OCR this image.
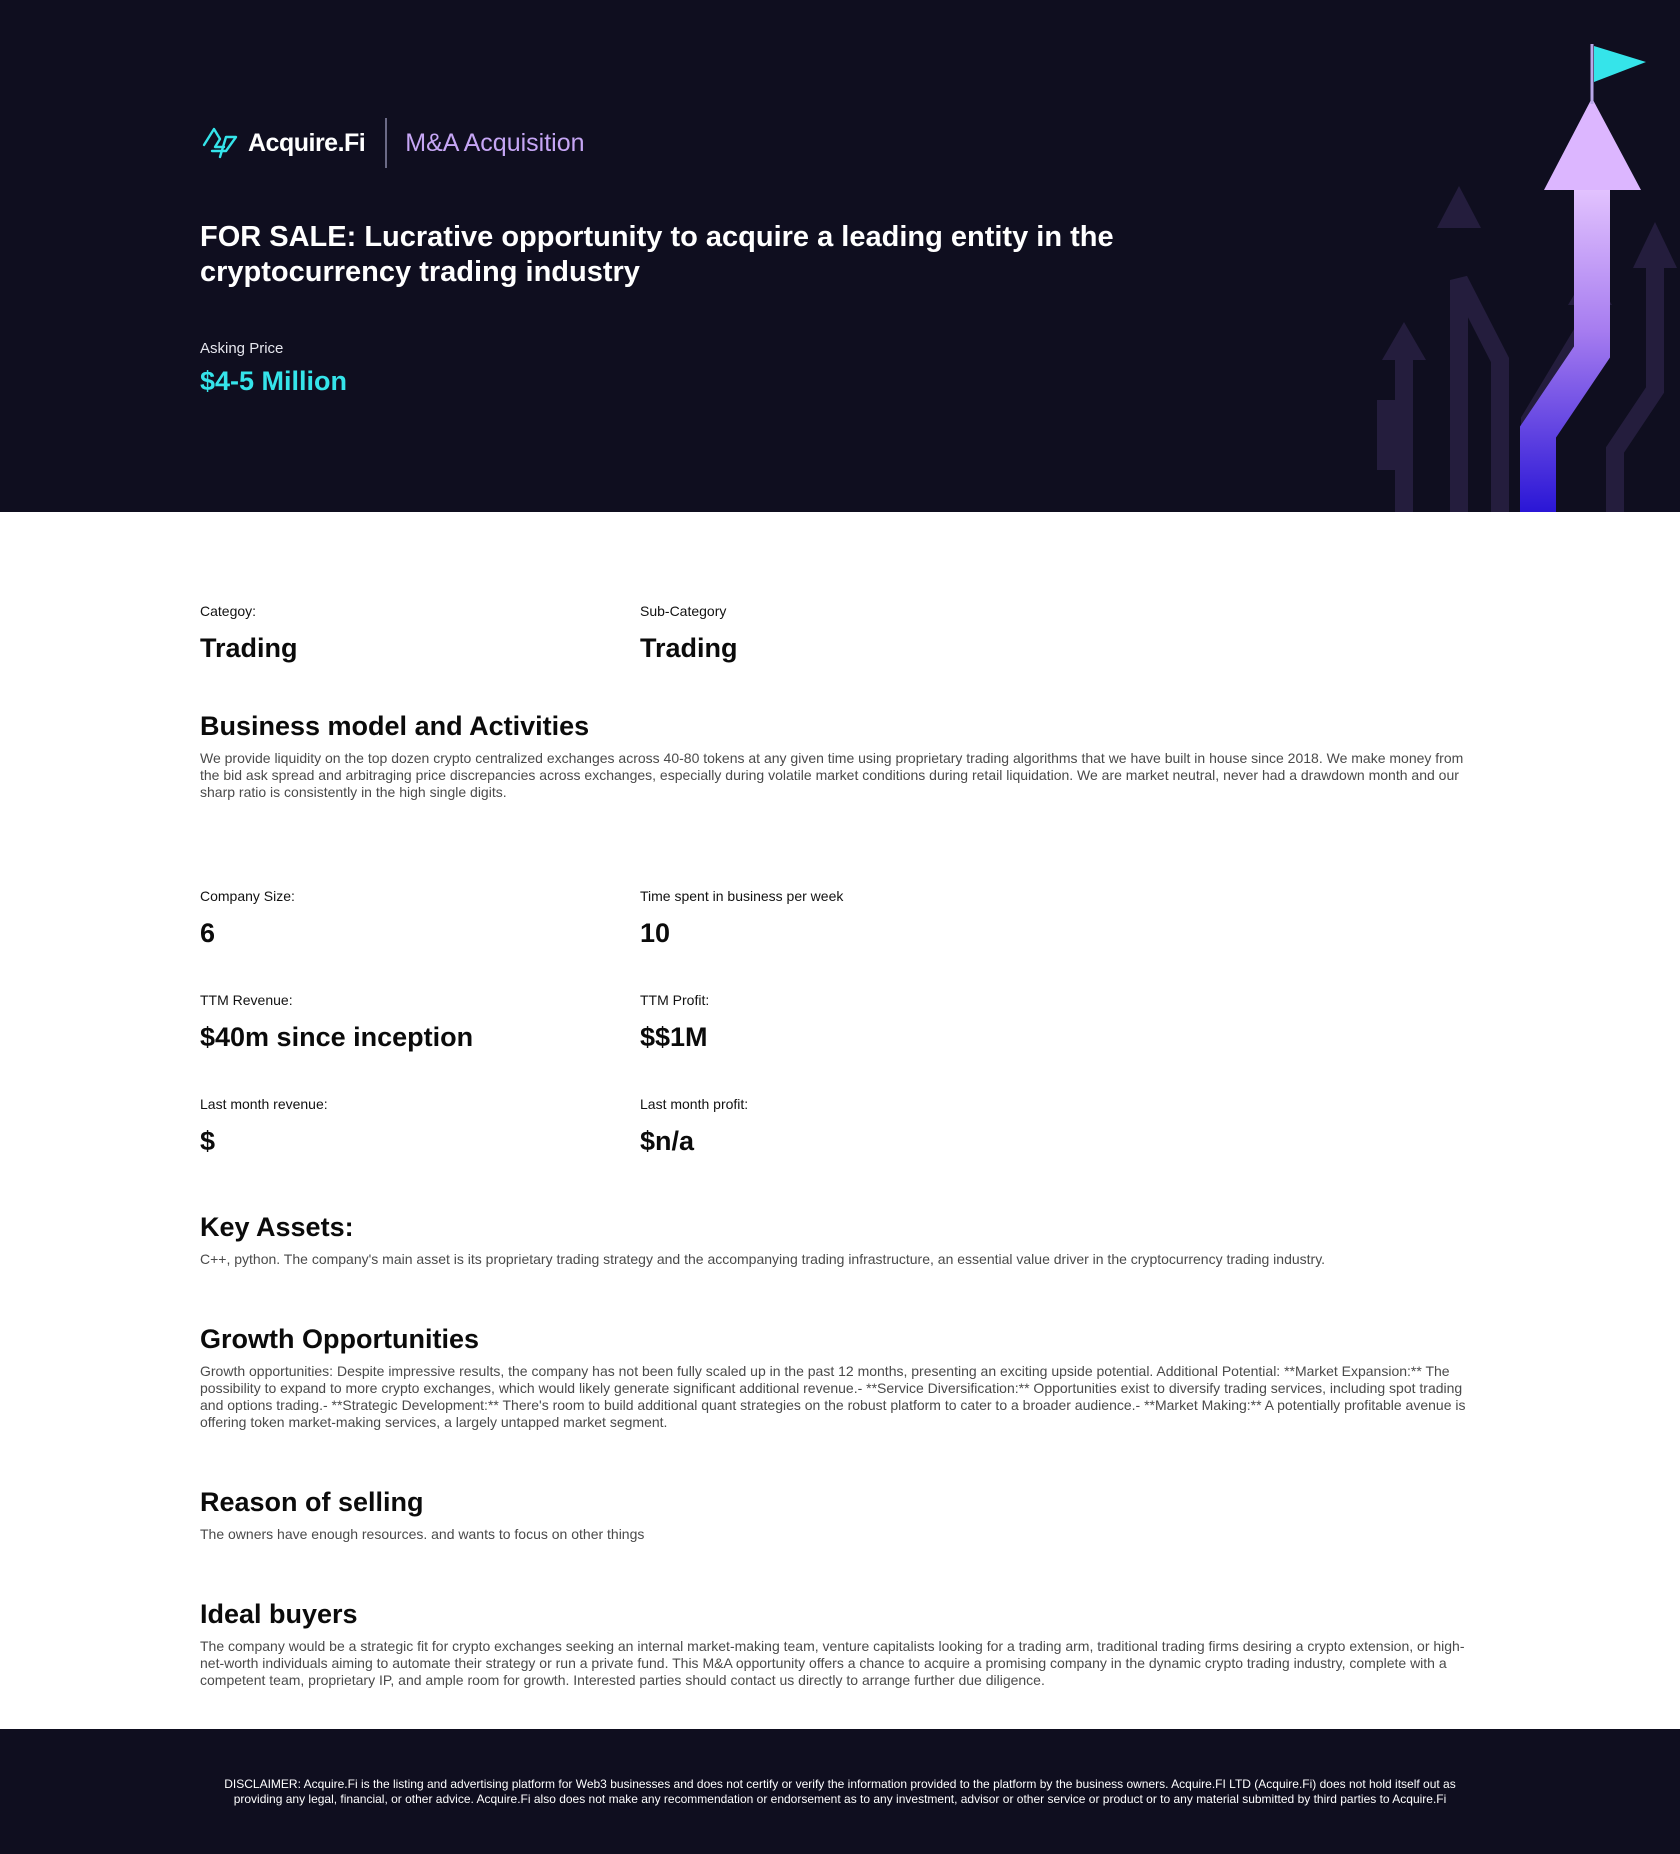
Acquire.Fi M&A Acquisition
FOR SALE: Lucrative opportunity to acquire a leading entity in the cryptocurrency trading industry
Asking Price
$4-5 Million
Categoy:
Trading
Sub-Category
Trading
Business model and Activities

We provide liquidity on the top dozen crypto centralized exchanges across 40-80 tokens at any given time using proprietary trading algorithms that we have built in house since 2018. We make money from the bid ask spread and arbitraging price discrepancies across exchanges, especially during volatile market conditions during retail liquidation. We are market neutral, never had a drawdown month and our sharp ratio is consistently in the high single digits.

Company Size:
6
Time spent in business per week
10
TTM Revenue:
$40m since inception
TTM Profit:
$$1M
Last month revenue:
$
Last month profit:
$n/a
Key Assets:

C++, python. The company's main asset is its proprietary trading strategy and the accompanying trading infrastructure, an essential value driver in the cryptocurrency trading industry.

Growth Opportunities

Growth opportunities: Despite impressive results, the company has not been fully scaled up in the past 12 months, presenting an exciting upside potential. Additional Potential: **Market Expansion:** The possibility to expand to more crypto exchanges, which would likely generate significant additional revenue.- **Service Diversification:** Opportunities exist to diversify trading services, including spot trading and options trading.- **Strategic Development:** There's room to build additional quant strategies on the robust platform to cater to a broader audience.- **Market Making:** A potentially profitable avenue is offering token market-making services, a largely untapped market segment.

Reason of selling

The owners have enough resources. and wants to focus on other things

Ideal buyers

The company would be a strategic fit for crypto exchanges seeking an internal market-making team, venture capitalists looking for a trading arm, traditional trading firms desiring a crypto extension, or high-net-worth individuals aiming to automate their strategy or run a private fund. This M&A opportunity offers a chance to acquire a promising company in the dynamic crypto trading industry, complete with a competent team, proprietary IP, and ample room for growth. Interested parties should contact us directly to arrange further due diligence.

DISCLAIMER: Acquire.Fi is the listing and advertising platform for Web3 businesses and does not certify or verify the information provided to the platform by the business owners. Acquire.FI LTD (Acquire.Fi) does not hold itself out as providing any legal, financial, or other advice. Acquire.Fi also does not make any recommendation or endorsement as to any investment, advisor or other service or product or to any material submitted by third parties to Acquire.Fi
